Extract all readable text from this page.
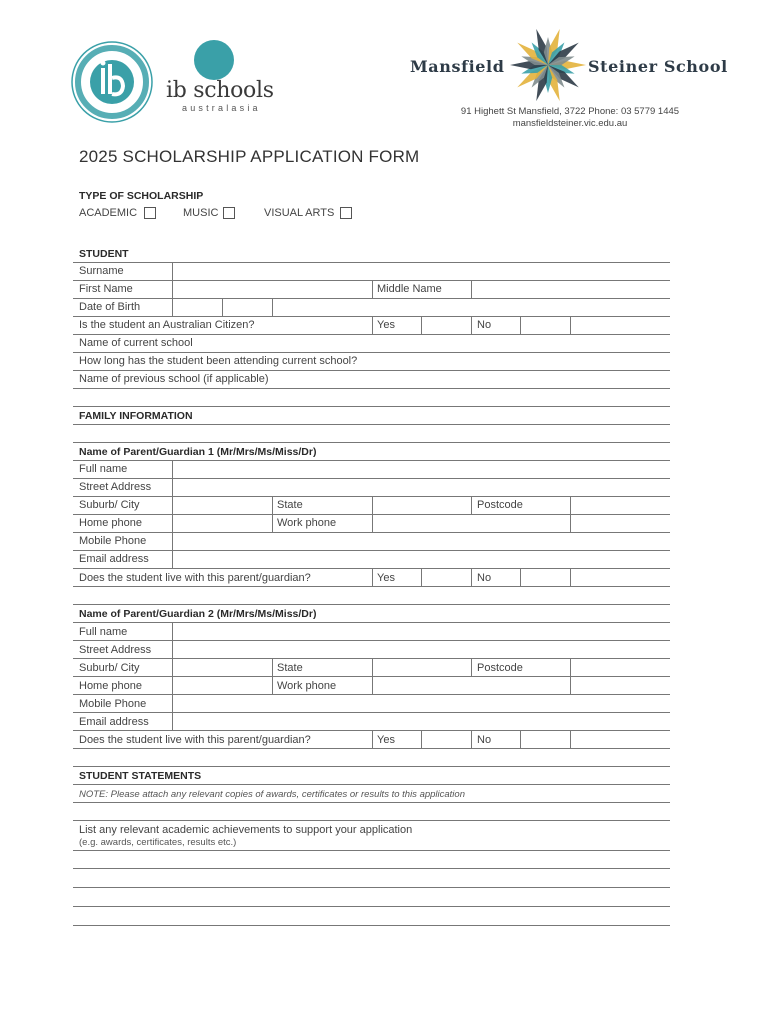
ib schools
australasia
Mansfield	Steiner School
91 Highett St Mansfield, 3722 Phone: 03 5779 1445
mansfieldsteiner.vic.edu.au
2025 SCHOLARSHIP APPLICATION FORM
TYPE OF SCHOLARSHIP
ACADEMIC	MUSIC	VISUAL ARTS
STUDENT
Surname
First Name	Middle Name
Date of Birth
Is the student an Australian Citizen?	Yes	No
Name of current school
How long has the student been attending current school?
Name of previous school (if applicable)
FAMILY INFORMATION
Name of Parent/Guardian 1 (Mr/Mrs/Ms/Miss/Dr)
Full name
Street Address
Suburb/ City	State	Postcode
Home phone	Work phone
Mobile Phone
Email address
Does the student live with this parent/guardian?	Yes	No
Name of Parent/Guardian 2 (Mr/Mrs/Ms/Miss/Dr)
Full name
Street Address
Suburb/ City	State	Postcode
Home phone	Work phone
Mobile Phone
Email address
Does the student live with this parent/guardian?	Yes	No
STUDENT STATEMENTS
NOTE: Please attach any relevant copies of awards, certificates or results to this application
List any relevant academic achievements to support your application
(e.g. awards, certificates, results etc.)
